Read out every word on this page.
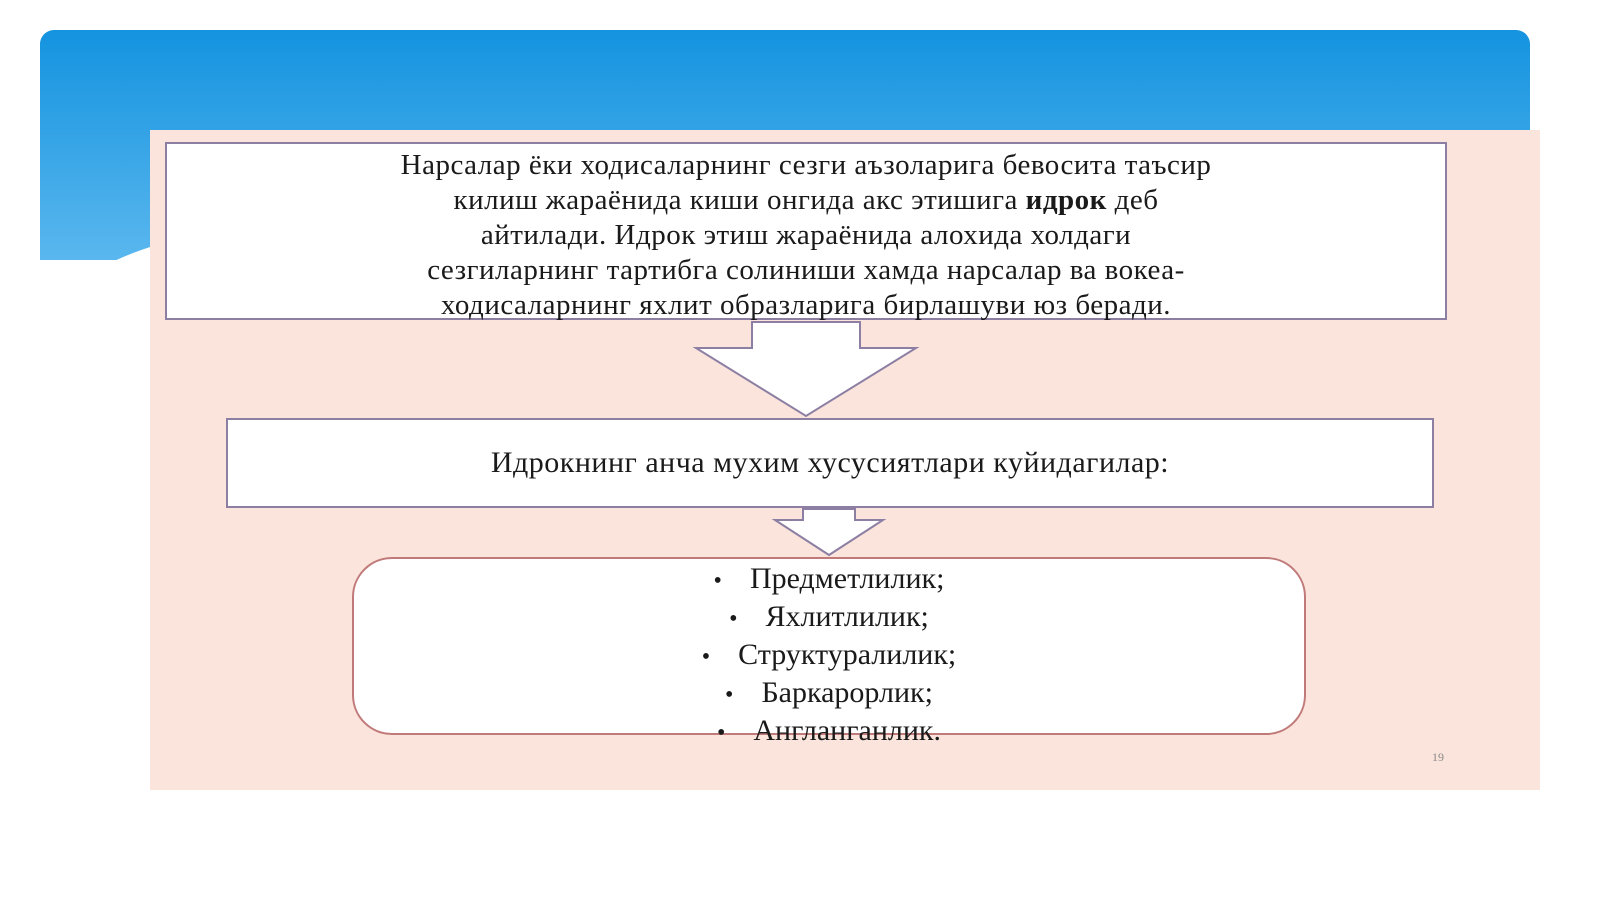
Нарсалар ёки ходисаларнинг сезги аъзоларига бевосита таъсир
килиш жараёнида киши онгида акс этишига идрок деб
айтилади. Идрок этиш жараёнида алохида холдаги
сезгиларнинг тартибга солиниши хамда нарсалар ва вокеа-
ходисаларнинг яхлит образларига бирлашуви юз беради.
Идрокнинг анча мухим хусусиятлари куйидагилар:
• Предметлилик;
• Яхлитлилик;
• Структуралилик;
• Баркарорлик;
• Англанганлик.
19
